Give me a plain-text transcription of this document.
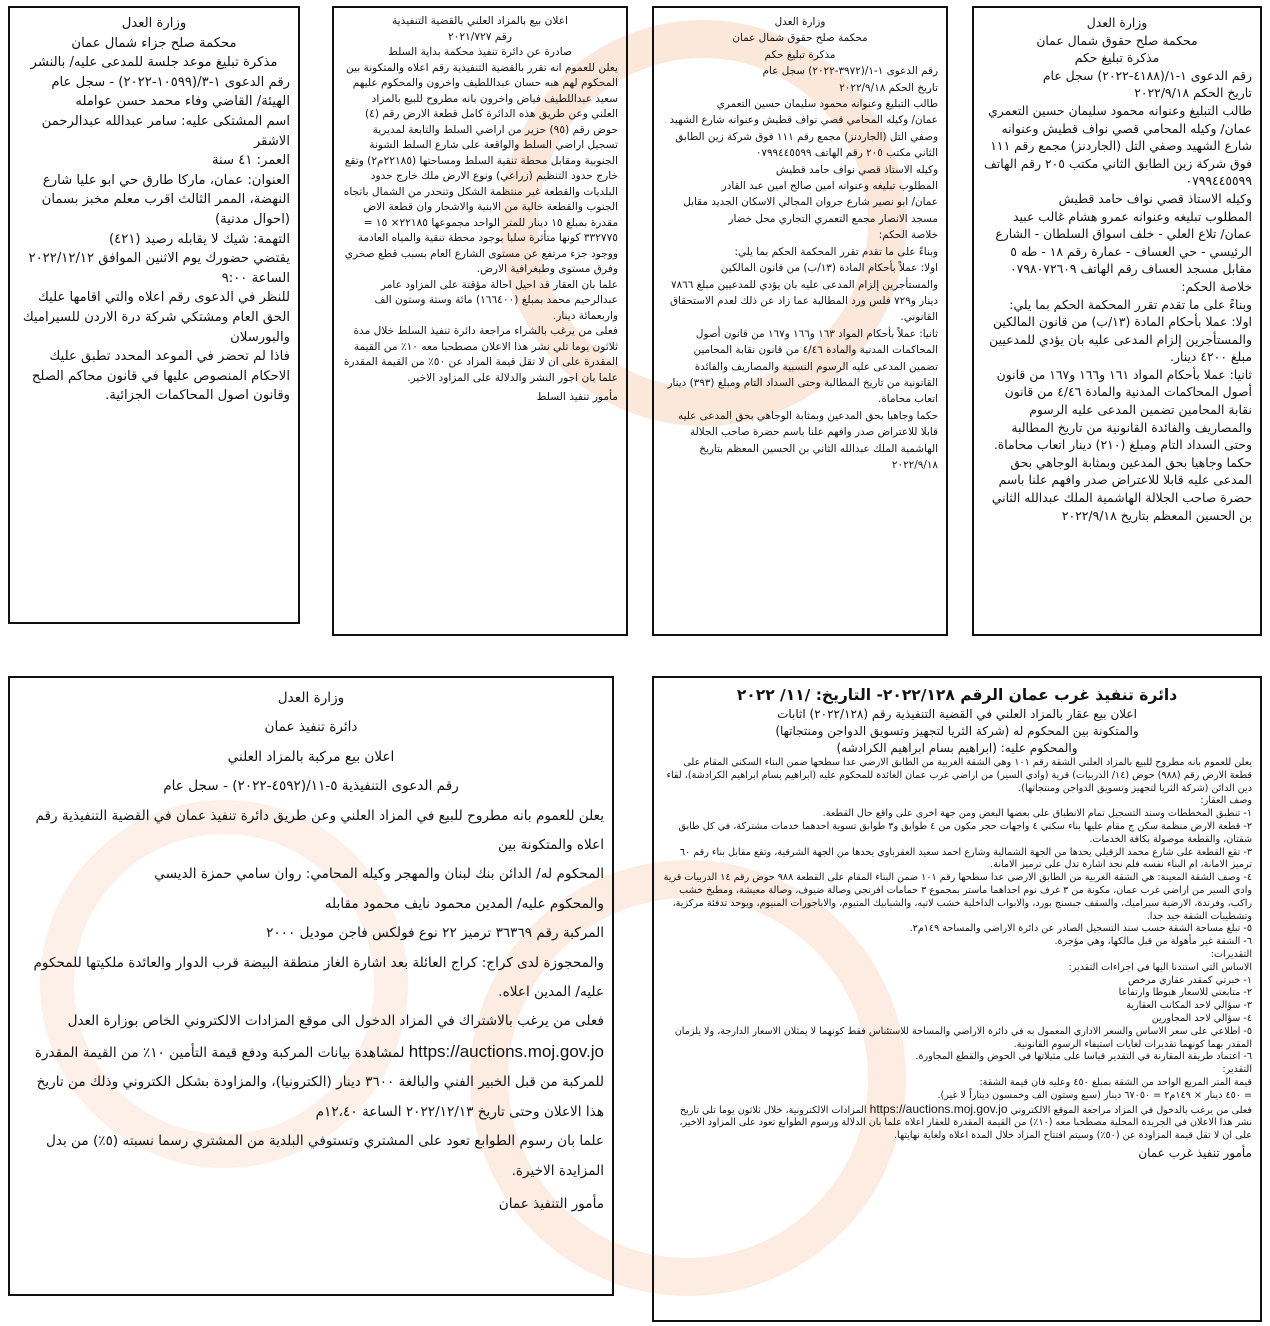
وزارة العدل
محكمة صلح حقوق شمال عمان
مذكرة تبليغ حكم
رقم الدعوى ١-١/(٤١٨٨-٢٠٢٢) سجل عام
تاريخ الحكم ٢٠٢٢/٩/١٨
طالب التبليغ وعنوانه محمود سليمان حسين التعمري
عمان/ وكيله المحامي قصي نواف قطيش وعنوانه شارع الشهيد وصفي التل (الجاردنز) مجمع رقم ١١١ فوق شركة زين الطابق الثاني مكتب ٢٠٥ رقم الهاتف ٠٧٩٩٤٤٥٥٩٩
وكيله الاستاذ قصي نواف حامد قطيش
المطلوب تبليغه وعنوانه عمرو هشام غالب عبيد
عمان/ تلاع العلي - خلف اسواق السلطان - الشارع الرئيسي - حي العساف - عمارة رقم ١٨ - طه ٥ مقابل مسجد العساف رقم الهاتف ٠٧٩٨٠٧٢٦٠٩
خلاصة الحكم:
وبناءً على ما تقدم تقرر المحكمة الحكم بما يلي:
اولا: عملا بأحكام المادة (١٣/ب) من قانون المالكين والمستأجرين إلزام المدعى عليه بان يؤدي للمدعيين مبلغ ٤٢٠٠ دينار.
ثانيا: عملا بأحكام المواد ١٦١ و١٦٦ و١٦٧ من قانون أصول المحاكمات المدنية والمادة ٤/٤٦ من قانون نقابة المحامين تضمين المدعى عليه الرسوم والمصاريف والفائدة القانونية من تاريخ المطالبة وحتى السداد التام ومبلغ (٢١٠) دينار اتعاب محاماة.
حكما وجاهيا بحق المدعين وبمثابة الوجاهي بحق المدعى عليه قابلا للاعتراض صدر وافهم علنا باسم حضرة صاحب الجلالة الهاشمية الملك عبدالله الثاني بن الحسين المعظم بتاريخ ٢٠٢٢/٩/١٨
وزارة العدل
محكمة صلح حقوق شمال عمان
مذكرة تبليغ حكم
رقم الدعوى ١-١/(٣٩٧٢-٢٠٢٢) سجل عام
تاريخ الحكم ٢٠٢٢/٩/١٨
طالب التبليغ وعنوانه محمود سليمان حسين التعمري
عمان/ وكيله المحامي قصي نواف قطيش وعنوانه شارع الشهيد وصفي التل (الجاردنز) مجمع رقم ١١١ فوق شركة زين الطابق الثاني مكتب ٢٠٥ رقم الهاتف ٠٧٩٩٤٤٥٥٩٩
وكيله الاستاذ قصي نواف حامد قطيش
المطلوب تبليغه وعنوانه امين صالح امين عبد القادر
عمان/ ابو نصير شارع جروان المجالي الاسكان الجديد مقابل مسجد الانصار مجمع التعمري التجاري محل خضار
خلاصة الحكم:
وبناءً على ما تقدم تقرر المحكمة الحكم بما يلي:
اولا: عملاً بأحكام المادة (١٣/ب) من قانون المالكين والمستأجرين إلزام المدعى عليه بان يؤدي للمدعيين مبلغ ٧٨٦٦ دينار و٧٢٩ فلس ورد المطالبة عما زاد عن ذلك لعدم الاستحقاق القانوني.
ثانيا: عملاً بأحكام المواد ١٦٣ و١٦٦ و١٦٧ من قانون أصول المحاكمات المدنية والمادة ٤/٤٦ من قانون نقابة المحامين تضمين المدعى عليه الرسوم النسبية والمصاريف والفائدة القانونية من تاريخ المطالبة وحتى السداد التام ومبلغ (٣٩٣) دينار اتعاب محاماة.
حكما وجاهيا بحق المدعين وبمثابة الوجاهي بحق المدعى عليه قابلا للاعتراض صدر وافهم علنا باسم حضرة صاحب الجلالة الهاشمية الملك عبدالله الثاني بن الحسين المعظم بتاريخ ٢٠٢٢/٩/١٨
اعلان بيع بالمزاد العلني بالقضية التنفيذية
رقم ٢٠٢١/٧٢٧
صادرة عن دائرة تنفيذ محكمة بداية السلط
يعلن للعموم انه تقرر بالقضية التنفيذية رقم اعلاه والمتكونة بين المحكوم لهم هبه حسان عبداللطيف واخرون والمحكوم عليهم سعيد عبداللطيف فياض واخرون بانه مطروح للبيع بالمزاد العلني وعن طريق هذه الدائرة كامل قطعة الارض رقم (٤) حوض رقم (٩٥) حزير من اراضي السلط والتابعة لمديرية تسجيل اراضي السلط والواقعة على شارع السلط الشونة الجنوبية ومقابل محطة تنقية السلط ومساحتها (٢٢١٨٥م٢) وتقع خارج حدود التنظيم (زراعي) ونوع الارض ملك خارج حدود البلديات والقطعة غير منتظمة الشكل وتنحدر من الشمال باتجاه الجنوب والقطعة خالية من الابنية والاشجار وان قطعة الاض مقدرة بمبلغ ١٥ دينار للمتر الواحد مجموعها ٢٢١٨٥× ١٥ = ٣٣٢٧٧٥ كونها متأثرة سلبا بوجود محطة تنقية والمياه العادمة ووجود جزء مرتفع عن مستوى الشارع العام بسبب قطع صخري وفرق مستوى وطبغرافية الارض.
علما بان العقار قد احيل احالة مؤقتة على المزاود عامر عبدالرحيم محمد بمبلغ (١٦٦٤٠٠) مائة وستة وستون الف واربعمائة دينار.
فعلى من يرغب بالشراء مراجعة دائرة تنفيذ السلط خلال مدة ثلاثون يوما تلي نشر هذا الاعلان مصطحبا معه ١٠٪ من القيمة المقدرة على ان لا تقل قيمة المزاد عن ٥٠٪ من القيمة المقدرة علما بان اجور النشر والدلالة على المزاود الاخير.
مأمور تنفيذ السلط
وزارة العدل
محكمة صلح جزاء شمال عمان
مذكرة تبليغ موعد جلسة للمدعى عليه/ بالنشر
رقم الدعوى ١-٣/(١٠٥٩٩-٢٠٢٢) - سجل عام
الهيئة/ القاضي وفاء محمد حسن عوامله
اسم المشتكى عليه: سامر عبدالله عبدالرحمن الاشقر
العمر: ٤١ سنة
العنوان: عمان، ماركا طارق حي ابو عليا شارع النهضة، الممر الثالث اقرب معلم مخبز بسمان (احوال مدنية)
التهمة: شيك لا يقابله رصيد (٤٢١)
يقتضي حضورك يوم الاثنين الموافق ٢٠٢٢/١٢/١٢ الساعة ٩:٠٠
للنظر في الدعوى رقم اعلاه والتي اقامها عليك الحق العام ومشتكي شركة درة الاردن للسيراميك والبورسلان
فاذا لم تحضر في الموعد المحدد تطبق عليك الاحكام المنصوص عليها في قانون محاكم الصلح وقانون اصول المحاكمات الجزائية.
دائرة تنفيذ غرب عمان الرقم ٢٠٢٢/١٢٨- التاريخ: /١١/ ٢٠٢٢
اعلان بيع عقار بالمزاد العلني في القضية التنفيذية رقم (٢٠٢٢/١٢٨) اثابات
والمتكونة بين المحكوم له (شركة الثريا لتجهيز وتسويق الدواجن ومنتجاتها)
والمحكوم عليه: (ابراهيم بسام ابراهيم الكرادشه)
يعلن للعموم بانه مطروح للبيع بالمزاد العلني الشقة رقم ١٠١ وهي الشقة الغربية من الطابق الارضي عدا سطحها ضمن البناء السكني المقام على قطعة الارض رقم (٩٨٨) حوض (١٤/ الدربيات) قرية (وادي السير) من اراضي غرب عمان العائدة للمحكوم عليه (ابراهيم بسام ابراهيم الكرادشة)، لقاء دين الدائن (شركة الثريا لتجهيز وتسويق الدواجن ومنتجاتها).
وصف العقار:
١- تنطبق المخططات وسند التسجيل تمام الانطباق على بعضها البعض ومن جهة اخرى على واقع حال القطعة.
٢- قطعة الارض منظمة سكن ج مقام عليها بناء سكني ٤ واجهات حجر مكون من ٤ طوابق و٣ طوابق تسوية احدهما خدمات مشتركة، في كل طابق شقتان، والقطعة موصولة بكافة الخدمات.
٣- تقع القطعة على شارع محمد الزقيلي يحدها من الجهة الشمالية وشارع احمد سعيد العقرباوي يحدها من الجهة الشرقية، وتقع مقابل بناء رقم ٦٠ ترميز الامانة، ام البناء نفسه فلم نجد اشارة تدل على ترميز الامانة.
٤- وصف الشقة المعينة: هي الشقة الغربية من الطابق الارضي عدا سطحها رقم ١٠١ ضمن البناء المقام على القطعة ٩٨٨ حوض رقم ١٤ الدربيات قرية وادي السير من اراضي غرب عمان، مكونة من ٣ غرف نوم احداهما ماستر بمجموع ٣ حمامات افرنجي وصالة ضيوف، وصالة معيشة، ومطبخ خشب راكب، وفرندة، الارضية سيراميك، والسقف جبسنج بورد، والابواب الداخلية خشب لاتيه، والشبابيك المنيوم، والاباجورات المنيوم، ويوجد تدفئة مركزية، وتشطيبات الشقة جيد جدا.
٥- تبلغ مساحة الشقة حسب سند التسجيل الصادر عن دائرة الاراضي والمساحة ١٤٩م٢.
٦- الشقة غير مأهولة من قبل مالكها، وهي مؤجرة.
التقديرات:
الاساس التي استندنا اليها في اجراءات التقدير:
١- خبرتي كمقدر عقاري مرخص
٢- متابعتي للاسعار هبوطا وارتفاعا
٣- سؤالي لاحد المكاتب العقارية
٤- سؤالي لاحد المجاورين
٥- اطلاعي على سعر الاساس والسعر الاداري المعمول به في دائرة الاراضي والمساحة للاستئناس فقط كونهما لا يمثلان الاسعار الدارجة، ولا يلزمان المقدر بهما كونهما تقديرات لغايات استيفاء الرسوم القانونية.
٦- اعتماد طريقة المقارنة في التقدير قياسا على مثيلاتها في الحوض والقطع المجاورة.
التقدير:
قيمة المتر المربع الواحد من الشقة بمبلغ ٤٥٠ وعليه فان قيمة الشقة:
= ٤٥٠ دينار × ١٤٩م٢ = ٦٧٠٥٠ دينار (سبع وستون الف وخمسون ديناراً لا غير).
فعلى من يرغب بالدخول في المزاد مراجعة الموقع الالكتروني https://auctions.moj.gov.jo المزادات الالكترونية، خلال ثلاثون يوما تلي تاريخ نشر هذا الاعلان في الجريدة المحلية مصطحبا معه (١٠٪) من القيمة المقدرة للعقار اعلاه علما بان الدلالة ورسوم الطوابع تعود على المزاود الاخير، على ان لا تقل قيمة المزاودة عن (٥٠٪) وسيتم افتتاح المزاد خلال المدة اعلاه ولغاية نهايتها.
مأمور تنفيذ غرب عمان
وزارة العدل
دائرة تنفيذ عمان
اعلان بيع مركبة بالمزاد العلني
رقم الدعوى التنفيذية ٥-١١/(٤٥٩٢-٢٠٢٢) - سجل عام
يعلن للعموم بانه مطروح للبيع في المزاد العلني وعن طريق دائرة تنفيذ عمان في القضية التنفيذية رقم اعلاه والمتكونة بين
المحكوم له/ الدائن بنك لبنان والمهجر وكيله المحامي: روان سامي حمزة الديسي
والمحكوم عليه/ المدين محمود نايف محمود مقابله
المركبة رقم ٣٦٣٦٩ ترميز ٢٢ نوع فولكس فاجن موديل ٢٠٠٠
والمحجوزة لدى كراج: كراج العائلة بعد اشارة الغاز منطقة البيضة قرب الدوار والعائدة ملكيتها للمحكوم عليه/ المدين اعلاه.
فعلى من يرغب بالاشتراك في المزاد الدخول الى موقع المزادات الالكتروني الخاص بوزارة العدل https://auctions.moj.gov.jo لمشاهدة بيانات المركبة ودفع قيمة التأمين ١٠٪ من القيمة المقدرة للمركبة من قبل الخبير الفني والبالغة ٣٦٠٠ دينار (الكترونيا)، والمزاودة بشكل الكتروني وذلك من تاريخ هذا الاعلان وحتى تاريخ ٢٠٢٢/١٢/١٣ الساعة ١٢،٤٠م
علما بان رسوم الطوابع تعود على المشتري وتستوفي البلدية من المشتري رسما نسبته (٥٪) من بدل المزايدة الاخيرة.
مأمور التنفيذ عمان
